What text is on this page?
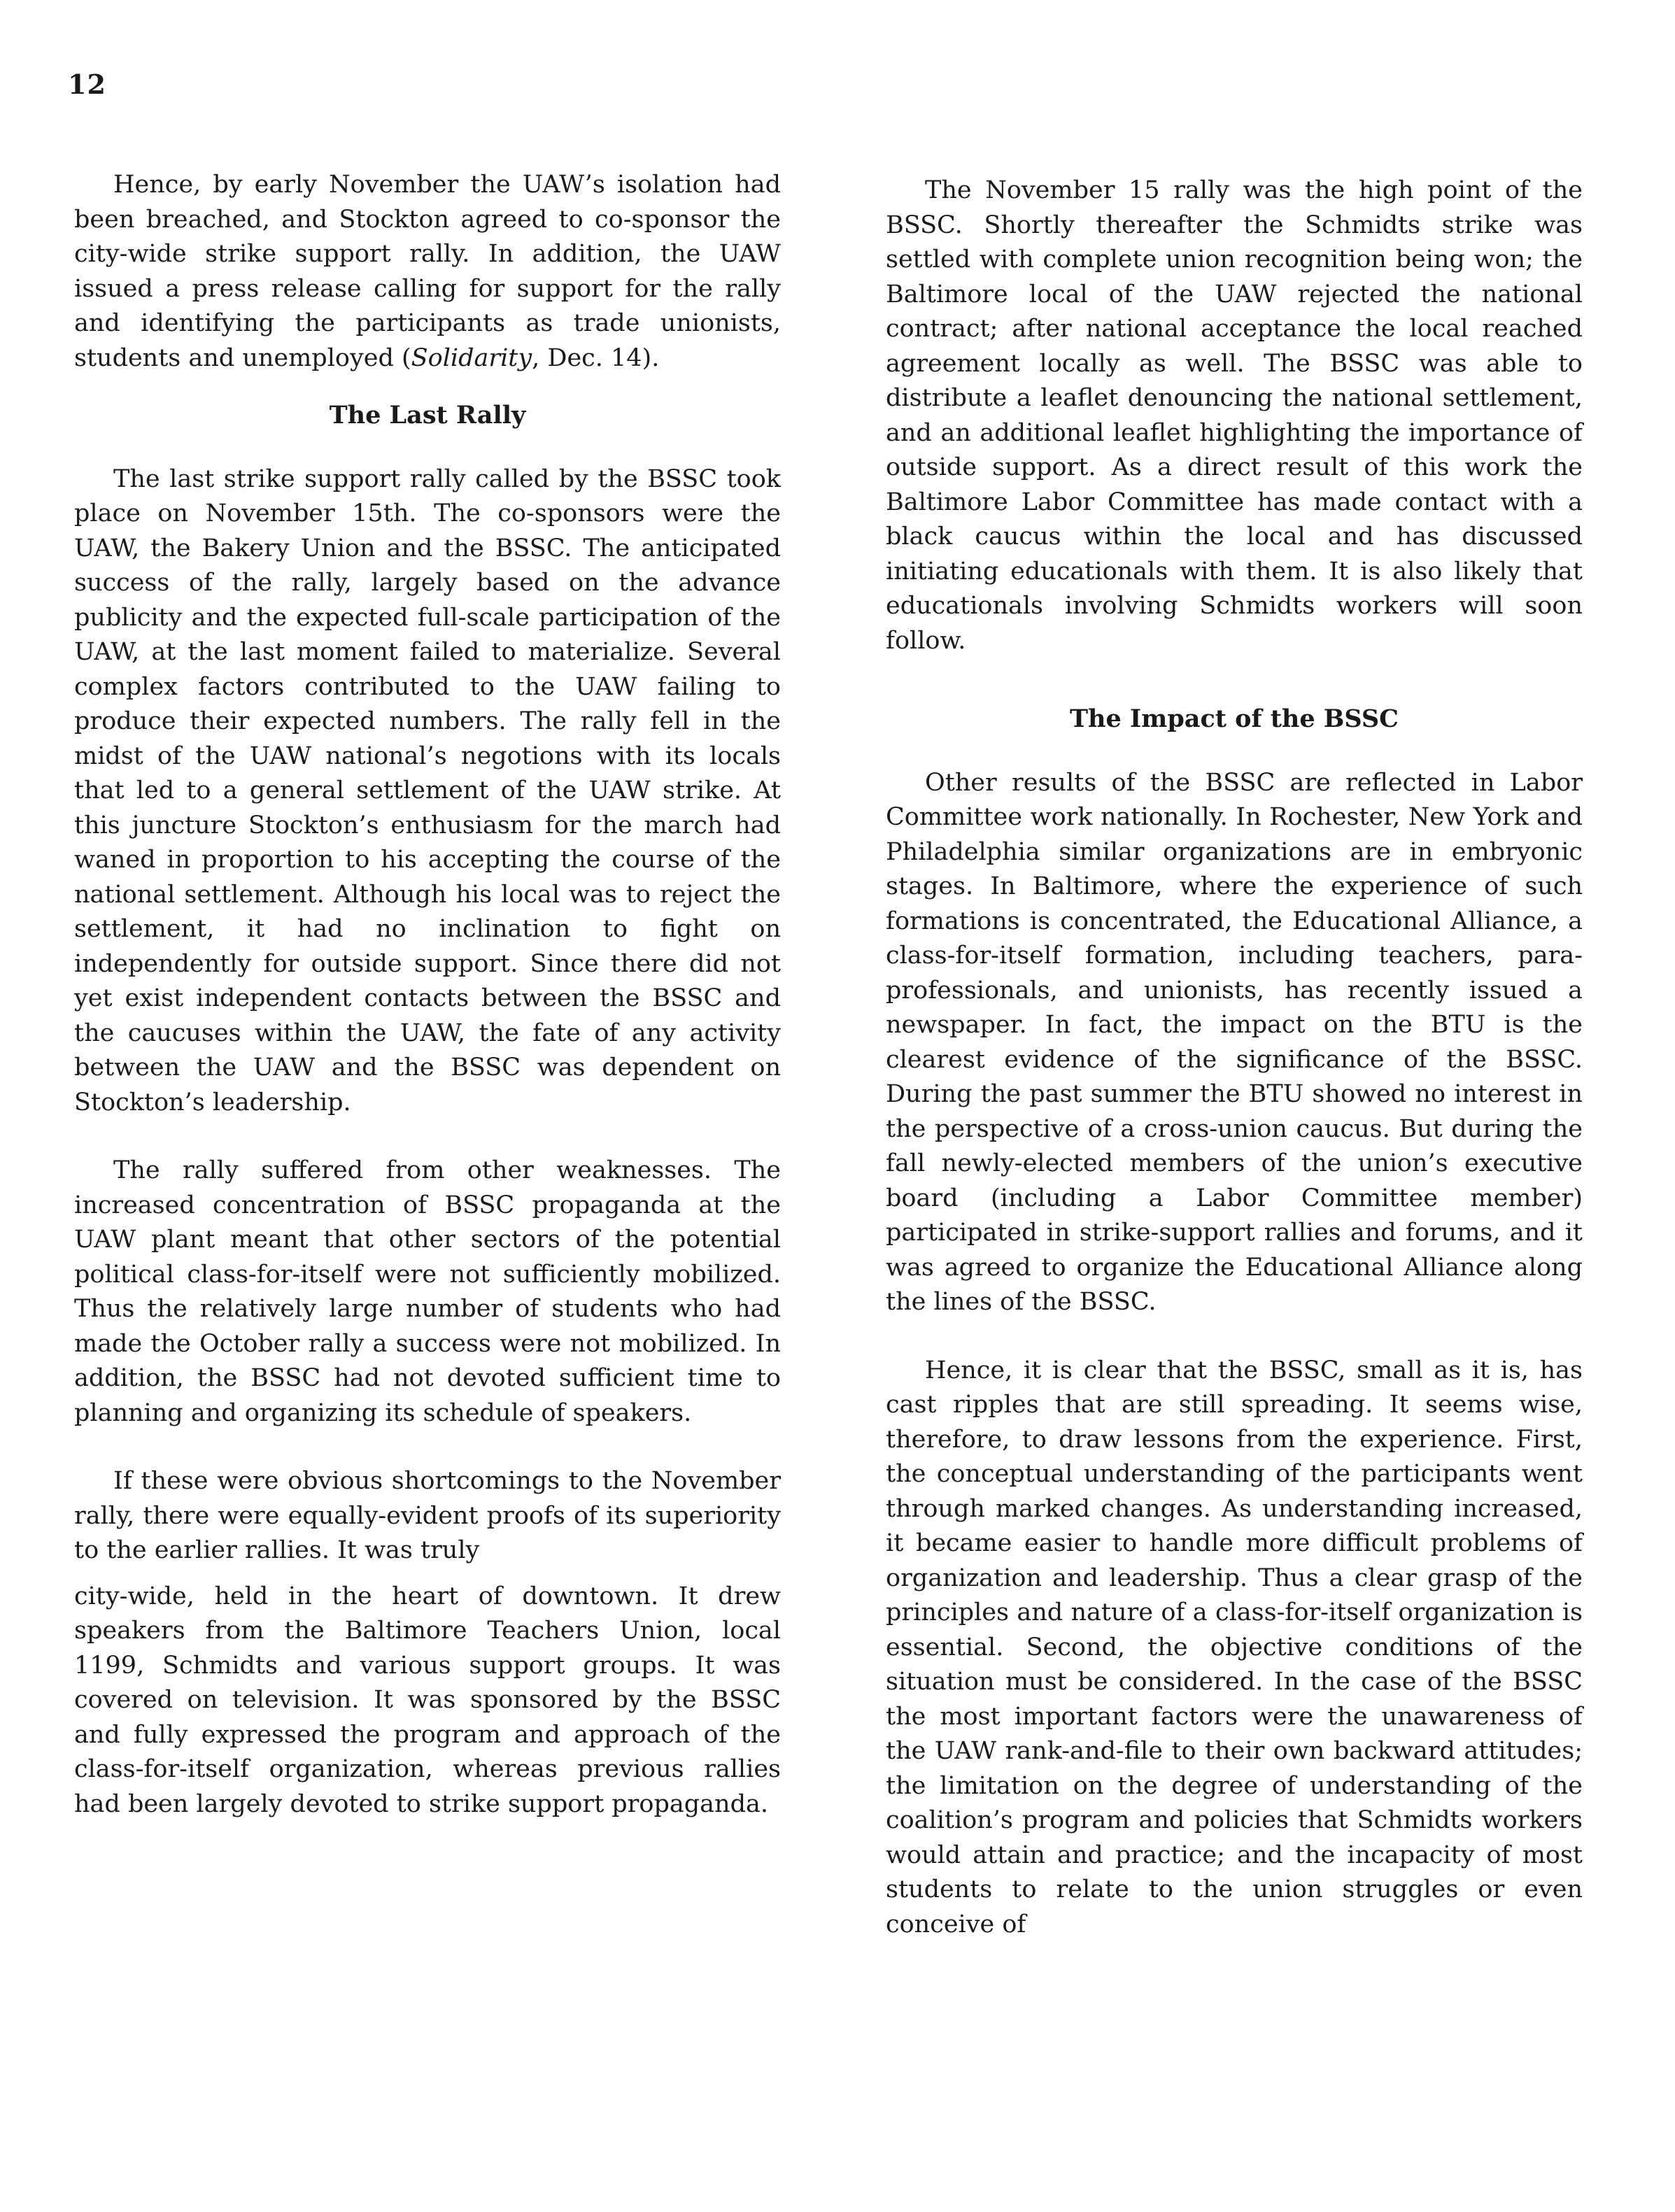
12

Hence, by early November the UAW’s isolation had been breached, and Stockton agreed to co-sponsor the city-wide strike support rally. In addition, the UAW issued a press release calling for support for the rally and identifying the participants as trade unionists, students and unemployed (Solidarity, Dec. 14).

The Last Rally

The last strike support rally called by the BSSC took place on November 15th. The co-sponsors were the UAW, the Bakery Union and the BSSC. The anticipated success of the rally, largely based on the advance publicity and the expected full-scale participation of the UAW, at the last moment failed to materialize. Several complex factors contributed to the UAW failing to produce their expected numbers. The rally fell in the midst of the UAW national’s negotions with its locals that led to a general settlement of the UAW strike. At this juncture Stockton’s enthusiasm for the march had waned in proportion to his accepting the course of the national settlement. Although his local was to reject the settlement, it had no inclination to fight on independently for outside support. Since there did not yet exist independent contacts between the BSSC and the caucuses within the UAW, the fate of any activity between the UAW and the BSSC was dependent on Stockton’s leadership.

The rally suffered from other weaknesses. The increased concentration of BSSC propaganda at the UAW plant meant that other sectors of the potential political class-for-itself were not sufficiently mobilized. Thus the relatively large number of students who had made the October rally a success were not mobilized. In addition, the BSSC had not devoted sufficient time to planning and organizing its schedule of speakers.

If these were obvious shortcomings to the November rally, there were equally-evident proofs of its superiority to the earlier rallies. It was truly

city-wide, held in the heart of downtown. It drew speakers from the Baltimore Teachers Union, local 1199, Schmidts and various support groups. It was covered on television. It was sponsored by the BSSC and fully expressed the program and approach of the class-for-itself organization, whereas previous rallies had been largely devoted to strike support propaganda.

The November 15 rally was the high point of the BSSC. Shortly thereafter the Schmidts strike was settled with complete union recognition being won; the Baltimore local of the UAW rejected the national contract; after national acceptance the local reached agreement locally as well. The BSSC was able to distribute a leaflet denouncing the national settlement, and an additional leaflet highlighting the importance of outside support. As a direct result of this work the Baltimore Labor Committee has made contact with a black caucus within the local and has discussed initiating educationals with them. It is also likely that educationals involving Schmidts workers will soon follow.

The Impact of the BSSC

Other results of the BSSC are reflected in Labor Committee work nationally. In Rochester, New York and Philadelphia similar organizations are in embryonic stages. In Baltimore, where the experience of such formations is concentrated, the Educational Alliance, a class-for-itself formation, including teachers, para-professionals, and unionists, has recently issued a newspaper. In fact, the impact on the BTU is the clearest evidence of the significance of the BSSC. During the past summer the BTU showed no interest in the perspective of a cross-union caucus. But during the fall newly-elected members of the union’s executive board (including a Labor Committee member) participated in strike-support rallies and forums, and it was agreed to organize the Educational Alliance along the lines of the BSSC.

Hence, it is clear that the BSSC, small as it is, has cast ripples that are still spreading. It seems wise, therefore, to draw lessons from the experience. First, the conceptual understanding of the participants went through marked changes. As understanding increased, it became easier to handle more difficult problems of organization and leadership. Thus a clear grasp of the principles and nature of a class-for-itself organization is essential. Second, the objective conditions of the situation must be considered. In the case of the BSSC the most important factors were the unawareness of the UAW rank-and-file to their own backward attitudes; the limitation on the degree of understanding of the coalition’s program and policies that Schmidts workers would attain and practice; and the incapacity of most students to relate to the union struggles or even conceive of
